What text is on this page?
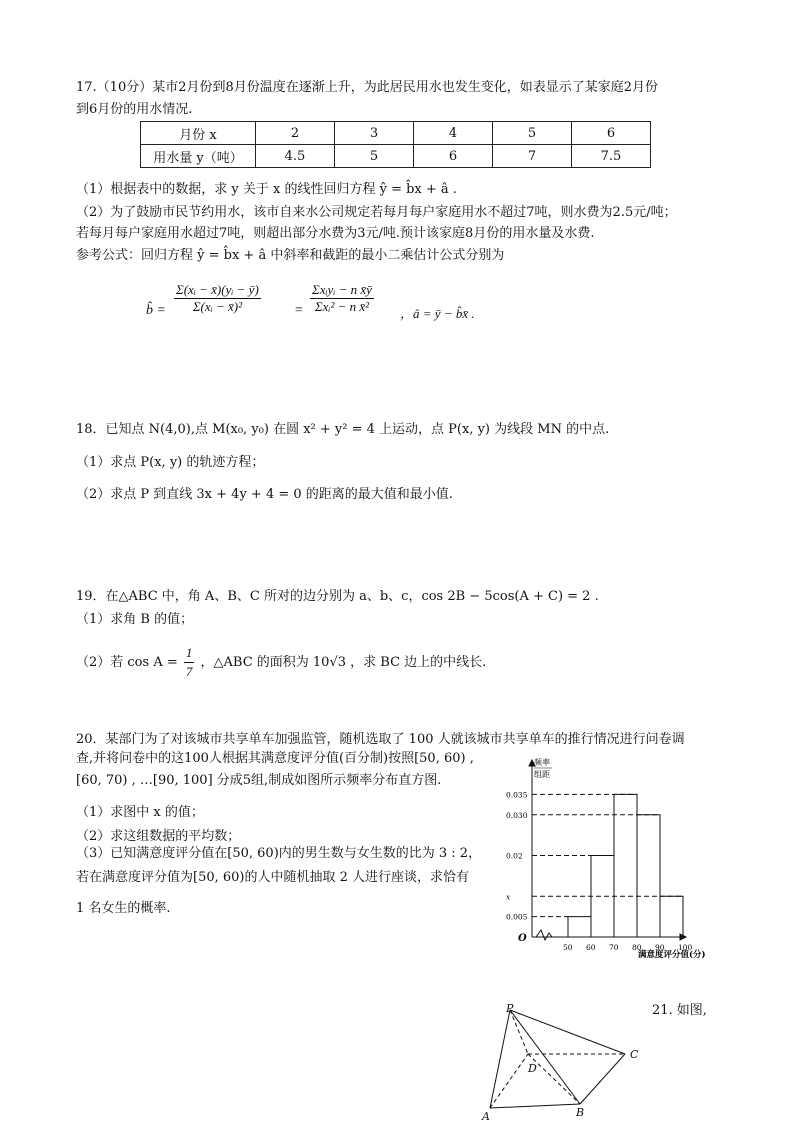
17.（10分）某市2月份到8月份温度在逐渐上升，为此居民用水也发生变化，如表显示了某家庭2月份
到6月份的用水情况.
月份 x	2	3	4	5	6
用水量 y（吨）	4.5	5	6	7	7.5
（1）根据表中的数据，求 y 关于 x 的线性回归方程 ŷ = b̂x + â .
（2）为了鼓励市民节约用水，该市自来水公司规定若每月每户家庭用水不超过7吨，则水费为2.5元/吨；
若每月每户家庭用水超过7吨，则超出部分水费为3元/吨.预计该家庭8月份的用水量及水费.
参考公式：回归方程 ŷ = b̂x + â 中斜率和截距的最小二乘估计公式分别为
b̂ = $\frac{\text{Σ(xᵢ − x̄)(yᵢ − ȳ)}}{\text{Σ(xᵢ − x̄)²}} = \frac{\text{Σxᵢyᵢ − n x̄ȳ}}{\text{Σxᵢ² − n x̄²}}$ ，â = ȳ − b̂x̄ .
18．已知点 N(4,0),点 M(x₀, y₀) 在圆 x² + y² = 4 上运动，点 P(x, y) 为线段 MN 的中点.
（1）求点 P(x, y) 的轨迹方程；
（2）求点 P 到直线 3x + 4y + 4 = 0 的距离的最大值和最小值.
19．在△ABC 中，角 A、B、C 所对的边分别为 a、b、c，cos 2B − 5cos(A + C) = 2 .
（1）求角 B 的值；
（2）若 $\cos A = \frac{1}{7}$ ，△ABC 的面积为 10√3 ，求 BC 边上的中线长.
20．某部门为了对该城市共享单车加强监管，随机选取了 100 人就该城市共享单车的推行情况进行问卷调
查,并将问卷中的这100人根据其满意度评分值(百分制)按照[50, 60) ,
[60, 70) , …[90, 100] 分成5组,制成如图所示频率分布直方图.
（1）求图中 x 的值；
（2）求这组数据的平均数；
（3）已知满意度评分值在[50, 60)内的男生数与女生数的比为 3 : 2，
若在满意度评分值为[50, 60)的人中随机抽取 2 人进行座谈，求恰有
1 名女生的概率.
O
频率
组距
0.005
x
0.02
0.030
0.035
50 60 70 80 90 100
满意度评分值(分)
21. 如图,
P
D
C
A	B
